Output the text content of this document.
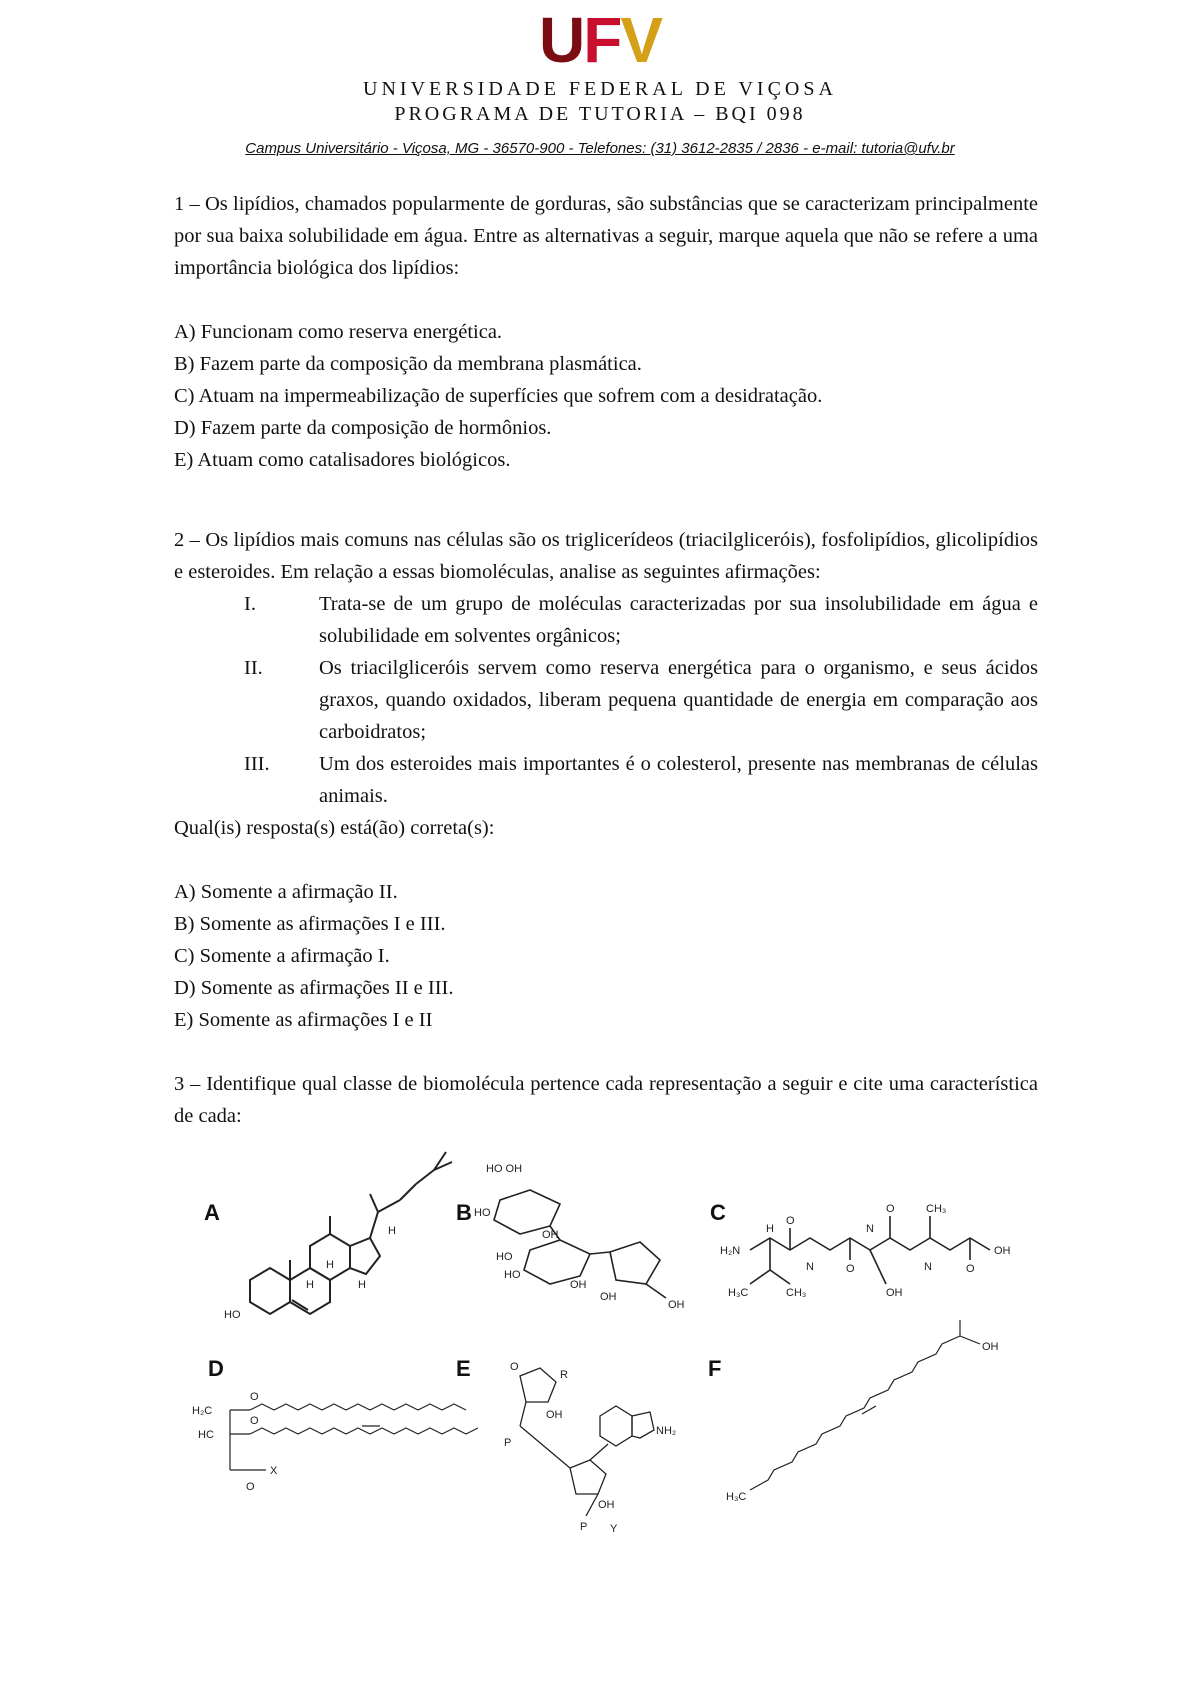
UFV
UNIVERSIDADE FEDERAL DE VIÇOSA
PROGRAMA DE TUTORIA – BQI 098
Campus Universitário - Viçosa, MG - 36570-900 - Telefones: (31) 3612-2835 / 2836 - e-mail: tutoria@ufv.br

1 – Os lipídios, chamados popularmente de gorduras, são substâncias que se caracterizam principalmente por sua baixa solubilidade em água. Entre as alternativas a seguir, marque aquela que não se refere a uma importância biológica dos lipídios:

A) Funcionam como reserva energética.

B) Fazem parte da composição da membrana plasmática.

C) Atuam na impermeabilização de superfícies que sofrem com a desidratação.

D) Fazem parte da composição de hormônios.

E) Atuam como catalisadores biológicos.

2 – Os lipídios mais comuns nas células são os triglicerídeos (triacilgliceróis), fosfolipídios, glicolipídios e esteroides. Em relação a essas biomoléculas, analise as seguintes afirmações:

I.	Trata-se de um grupo de moléculas caracterizadas por sua insolubilidade em água e solubilidade em solventes orgânicos;
II.	Os triacilgliceróis servem como reserva energética para o organismo, e seus ácidos graxos, quando oxidados, liberam pequena quantidade de energia em comparação aos carboidratos;
III.	Um dos esteroides mais importantes é o colesterol, presente nas membranas de células animais.

Qual(is) resposta(s) está(ão) correta(s):

A) Somente a afirmação II.

B) Somente as afirmações I e III.

C) Somente a afirmação I.

D) Somente as afirmações II e III.

E) Somente as afirmações I e II

3 – Identifique qual classe de biomolécula pertence cada representação a seguir e cite uma característica de cada:

A
HO
H
H
H
H
B
HO OH
HO
OH
HO
HO
OH
OH
OH
C
H₂N
H
O
N	O
N
O	CH₃
N	O
OH
H₃C	CH₃	OH
D
H₂C
HC
O
O
X
O
E	O
R
OH
P
NH₂
OH
P Y
F
OH
H₃C
